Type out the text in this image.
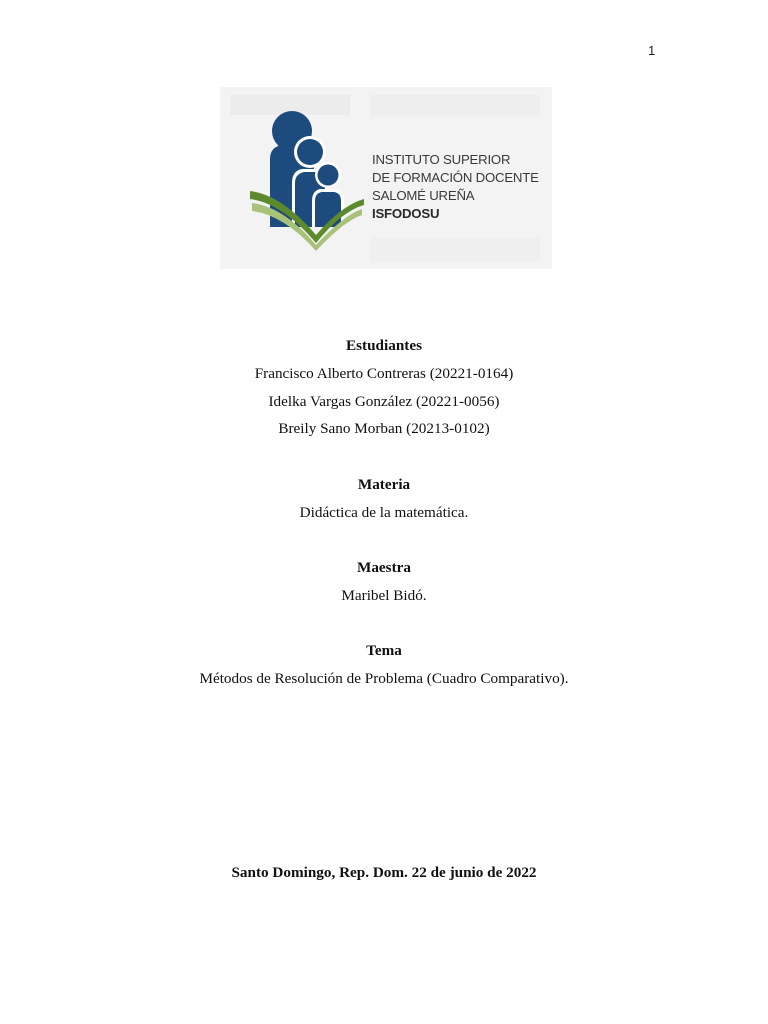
1
INSTITUTO SUPERIOR
DE FORMACIÓN DOCENTE
SALOMÉ UREÑA
ISFODOSU
Estudiantes
Francisco Alberto Contreras (20221-0164)
Idelka Vargas González (20221-0056)
Breily Sano Morban (20213-0102)
Materia
Didáctica de la matemática.
Maestra
Maribel Bidó.
Tema
Métodos de Resolución de Problema (Cuadro Comparativo).
Santo Domingo, Rep. Dom. 22 de junio de 2022
